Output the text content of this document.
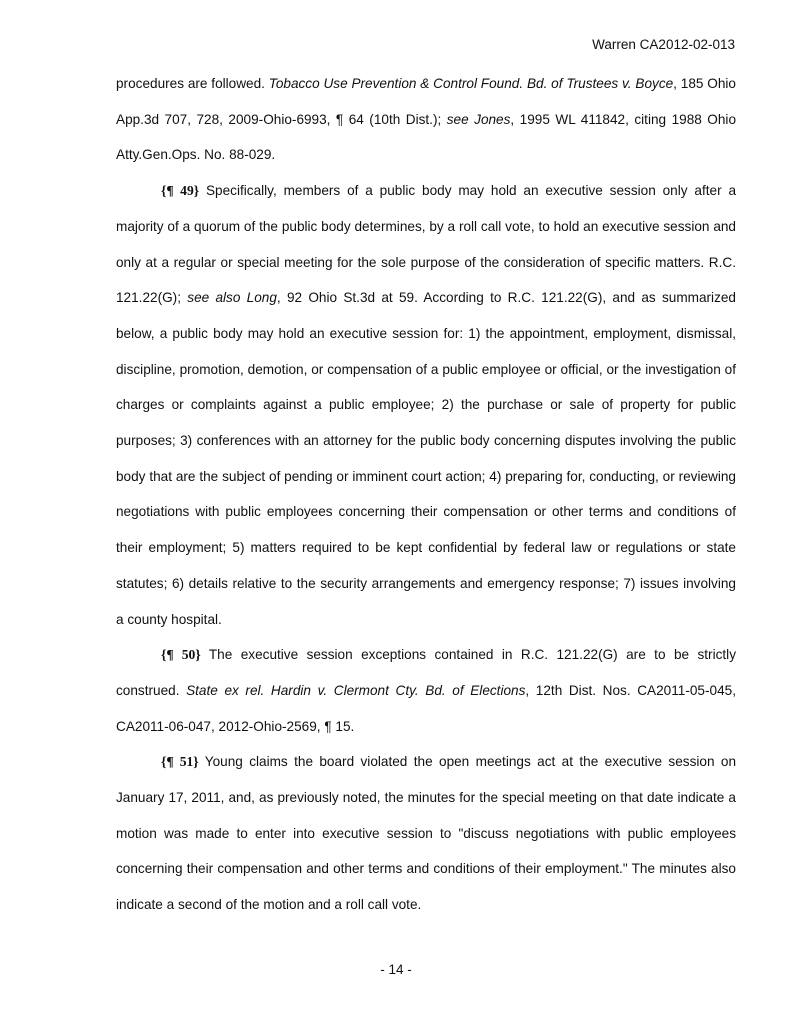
Warren CA2012-02-013

procedures are followed. Tobacco Use Prevention & Control Found. Bd. of Trustees v. Boyce, 185 Ohio App.3d 707, 728, 2009-Ohio-6993, ¶ 64 (10th Dist.); see Jones, 1995 WL 411842, citing 1988 Ohio Atty.Gen.Ops. No. 88-029.

{¶ 49} Specifically, members of a public body may hold an executive session only after a majority of a quorum of the public body determines, by a roll call vote, to hold an executive session and only at a regular or special meeting for the sole purpose of the consideration of specific matters. R.C. 121.22(G); see also Long, 92 Ohio St.3d at 59. According to R.C. 121.22(G), and as summarized below, a public body may hold an executive session for: 1) the appointment, employment, dismissal, discipline, promotion, demotion, or compensation of a public employee or official, or the investigation of charges or complaints against a public employee; 2) the purchase or sale of property for public purposes; 3) conferences with an attorney for the public body concerning disputes involving the public body that are the subject of pending or imminent court action; 4) preparing for, conducting, or reviewing negotiations with public employees concerning their compensation or other terms and conditions of their employment; 5) matters required to be kept confidential by federal law or regulations or state statutes; 6) details relative to the security arrangements and emergency response; 7) issues involving a county hospital.

{¶ 50} The executive session exceptions contained in R.C. 121.22(G) are to be strictly construed. State ex rel. Hardin v. Clermont Cty. Bd. of Elections, 12th Dist. Nos. CA2011-05-045, CA2011-06-047, 2012-Ohio-2569, ¶ 15.

{¶ 51} Young claims the board violated the open meetings act at the executive session on January 17, 2011, and, as previously noted, the minutes for the special meeting on that date indicate a motion was made to enter into executive session to "discuss negotiations with public employees concerning their compensation and other terms and conditions of their employment." The minutes also indicate a second of the motion and a roll call vote.

- 14 -
